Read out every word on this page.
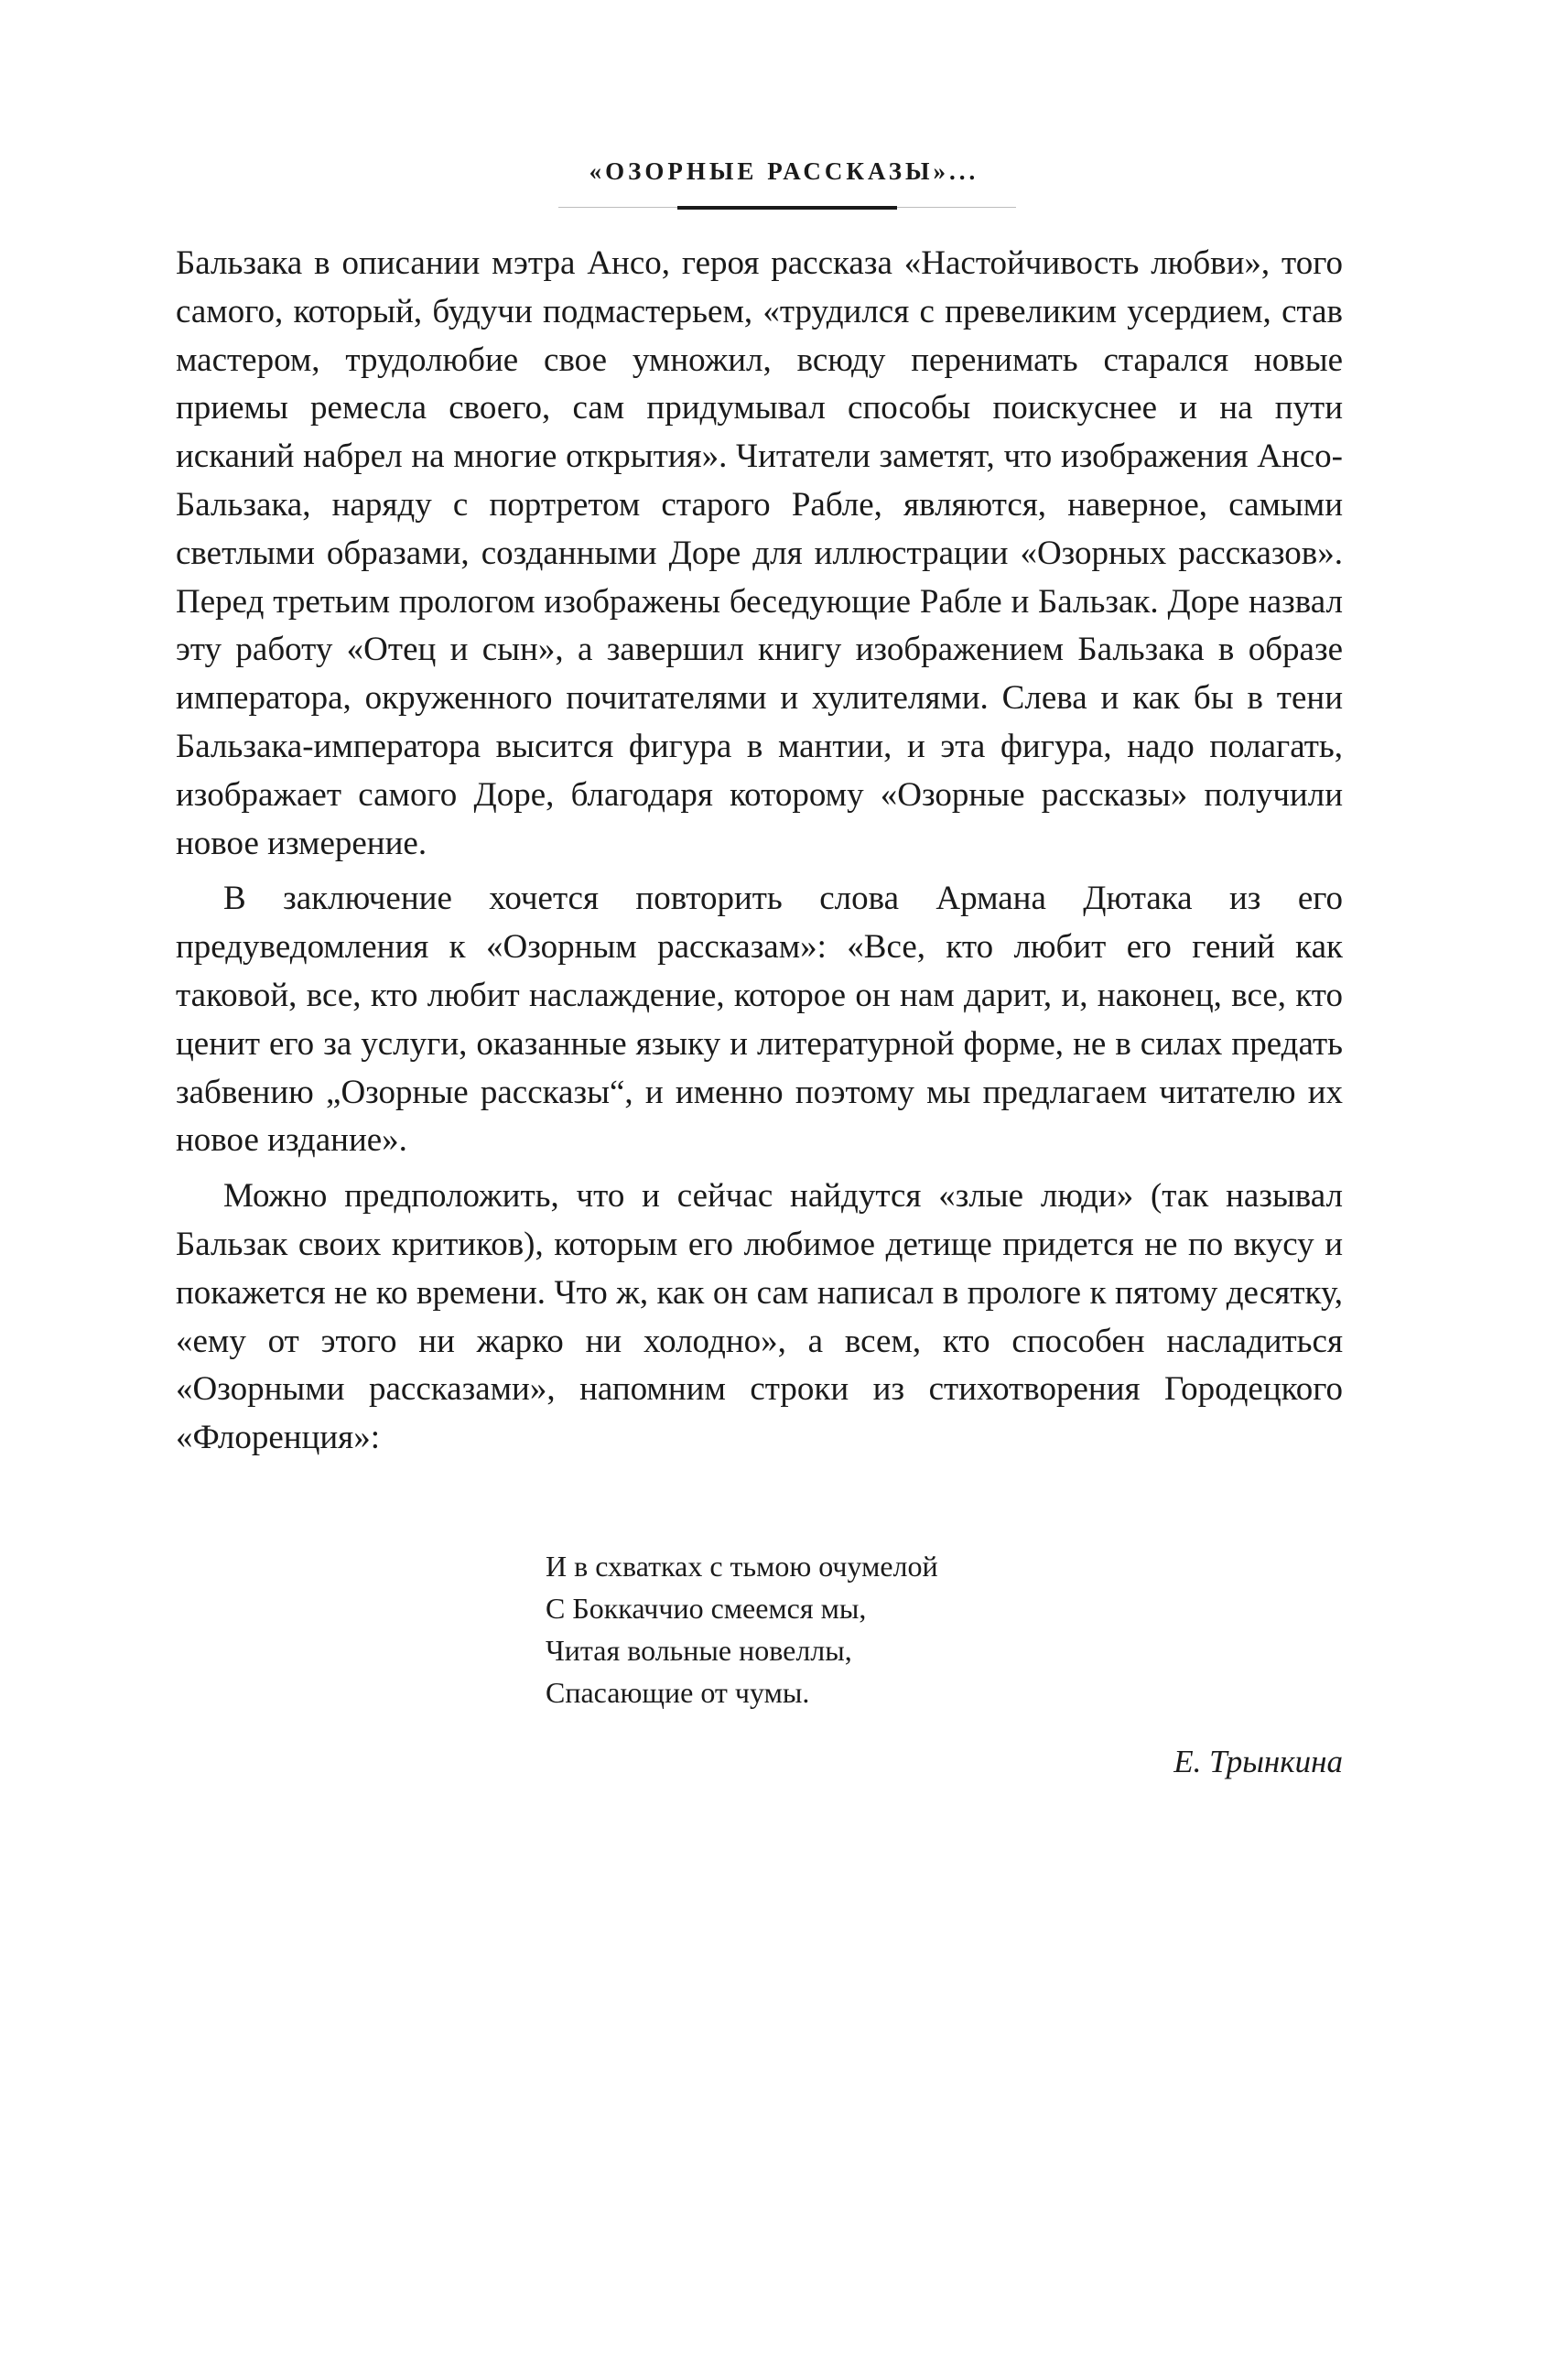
«ОЗОРНЫЕ РАССКАЗЫ»...

Бальзака в описании мэтра Ансо, героя рассказа «Настойчивость любви», того самого, который, будучи подмастерьем, «трудился с превеликим усердием, став мастером, трудолюбие свое умножил, всюду перенимать старался новые приемы ремесла своего, сам придумывал способы поискуснее и на пути исканий набрел на многие открытия». Читатели заметят, что изображения Ансо-Бальзака, наряду с портретом старого Рабле, являются, наверное, самыми светлыми образами, созданными Доре для иллюстрации «Озорных рассказов». Перед третьим прологом изображены беседующие Рабле и Бальзак. Доре назвал эту работу «Отец и сын», а завершил книгу изображением Бальзака в образе императора, окруженного почитателями и хулителями. Слева и как бы в тени Бальзака-императора высится фигура в мантии, и эта фигура, надо полагать, изображает самого Доре, благодаря которому «Озорные рассказы» получили новое измерение.

В заключение хочется повторить слова Армана Дютака из его предуведомления к «Озорным рассказам»: «Все, кто любит его гений как таковой, все, кто любит наслаждение, которое он нам дарит, и, наконец, все, кто ценит его за услуги, оказанные языку и литературной форме, не в силах предать забвению „Озорные рассказы“, и именно поэтому мы предлагаем читателю их новое издание».

Можно предположить, что и сейчас найдутся «злые люди» (так называл Бальзак своих критиков), которым его любимое детище придется не по вкусу и покажется не ко времени. Что ж, как он сам написал в прологе к пятому десятку, «ему от этого ни жарко ни холодно», а всем, кто способен насладиться «Озорными рассказами», напомним строки из стихотворения Городецкого «Флоренция»:

И в схватках с тьмою очумелой
С Боккаччио смеемся мы,
Читая вольные новеллы,
Спасающие от чумы.
Е. Трынкина
